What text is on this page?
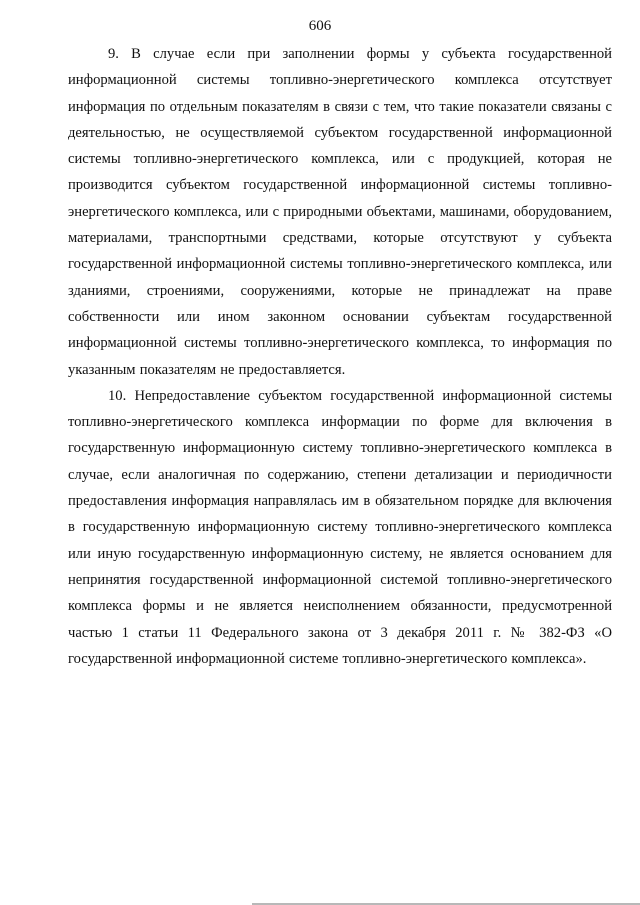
606

9. В случае если при заполнении формы у субъекта государственной информационной системы топливно-энергетического комплекса отсутствует информация по отдельным показателям в связи с тем, что такие показатели связаны с деятельностью, не осуществляемой субъектом государственной информационной системы топливно-энергетического комплекса, или с продукцией, которая не производится субъектом государственной информационной системы топливно-энергетического комплекса, или с природными объектами, машинами, оборудованием, материалами, транспортными средствами, которые отсутствуют у субъекта государственной информационной системы топливно-энергетического комплекса, или зданиями, строениями, сооружениями, которые не принадлежат на праве собственности или ином законном основании субъектам государственной информационной системы топливно-энергетического комплекса, то информация по указанным показателям не предоставляется.

10. Непредоставление субъектом государственной информационной системы топливно-энергетического комплекса информации по форме для включения в государственную информационную систему топливно-энергетического комплекса в случае, если аналогичная по содержанию, степени детализации и периодичности предоставления информация направлялась им в обязательном порядке для включения в государственную информационную систему топливно-энергетического комплекса или иную государственную информационную систему, не является основанием для непринятия государственной информационной системой топливно-энергетического комплекса формы и не является неисполнением обязанности, предусмотренной частью 1 статьи 11 Федерального закона от 3 декабря 2011 г. № 382-ФЗ «О государственной информационной системе топливно-энергетического комплекса».
